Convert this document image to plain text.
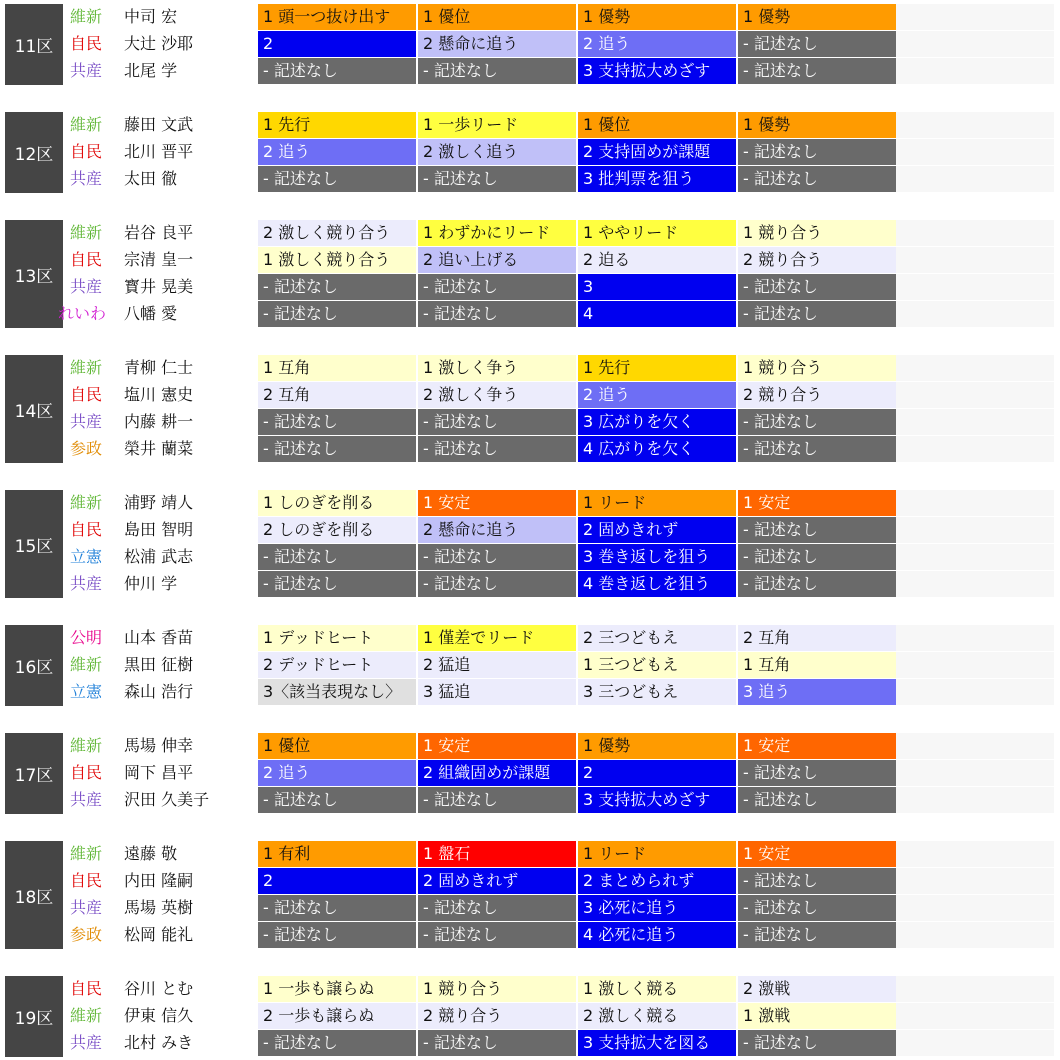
11区
維新 中司 宏	1 頭一つ抜け出す	1 優位	1 優勢	1 優勢
自民 大辻 沙耶	2	2 懸命に追う	2 追う	- 記述なし
共産 北尾 学	- 記述なし	- 記述なし	3 支持拡大めざす	- 記述なし
12区
維新 藤田 文武	1 先行	1 一歩リード	1 優位	1 優勢
自民 北川 晋平	2 追う	2 激しく追う	2 支持固めが課題	- 記述なし
共産 太田 徹	- 記述なし	- 記述なし	3 批判票を狙う	- 記述なし
13区
維新 岩谷 良平	2 激しく競り合う	1 わずかにリード	1 ややリード	1 競り合う
自民 宗清 皇一	1 激しく競り合う	2 追い上げる	2 迫る	2 競り合う
共産 寳井 晃美	- 記述なし	- 記述なし	3	- 記述なし
れいわ 八幡 愛	- 記述なし	- 記述なし	4	- 記述なし
14区
維新 青柳 仁士	1 互角	1 激しく争う	1 先行	1 競り合う
自民 塩川 憲史	2 互角	2 激しく争う	2 追う	2 競り合う
共産 内藤 耕一	- 記述なし	- 記述なし	3 広がりを欠く	- 記述なし
参政 榮井 蘭菜	- 記述なし	- 記述なし	4 広がりを欠く	- 記述なし
15区
維新 浦野 靖人	1 しのぎを削る	1 安定	1 リード	1 安定
自民 島田 智明	2 しのぎを削る	2 懸命に追う	2 固めきれず	- 記述なし
立憲 松浦 武志	- 記述なし	- 記述なし	3 巻き返しを狙う	- 記述なし
共産 仲川 学	- 記述なし	- 記述なし	4 巻き返しを狙う	- 記述なし
16区
公明 山本 香苗	1 デッドヒート	1 僅差でリード	2 三つどもえ	2 互角
維新 黒田 征樹	2 デッドヒート	2 猛追	1 三つどもえ	1 互角
立憲 森山 浩行	3〈該当表現なし〉	3 猛追	3 三つどもえ	3 追う
17区
維新 馬場 伸幸	1 優位	1 安定	1 優勢	1 安定
自民 岡下 昌平	2 追う	2 組織固めが課題	2	- 記述なし
共産 沢田 久美子	- 記述なし	- 記述なし	3 支持拡大めざす	- 記述なし
18区
維新 遠藤 敬	1 有利	1 盤石	1 リード	1 安定
自民 内田 隆嗣	2	2 固めきれず	2 まとめられず	- 記述なし
共産 馬場 英樹	- 記述なし	- 記述なし	3 必死に追う	- 記述なし
参政 松岡 能礼	- 記述なし	- 記述なし	4 必死に追う	- 記述なし
19区
自民 谷川 とむ	1 一歩も譲らぬ	1 競り合う	1 激しく競る	2 激戦
維新 伊東 信久	2 一歩も譲らぬ	2 競り合う	2 激しく競る	1 激戦
共産 北村 みき	- 記述なし	- 記述なし	3 支持拡大を図る	- 記述なし
